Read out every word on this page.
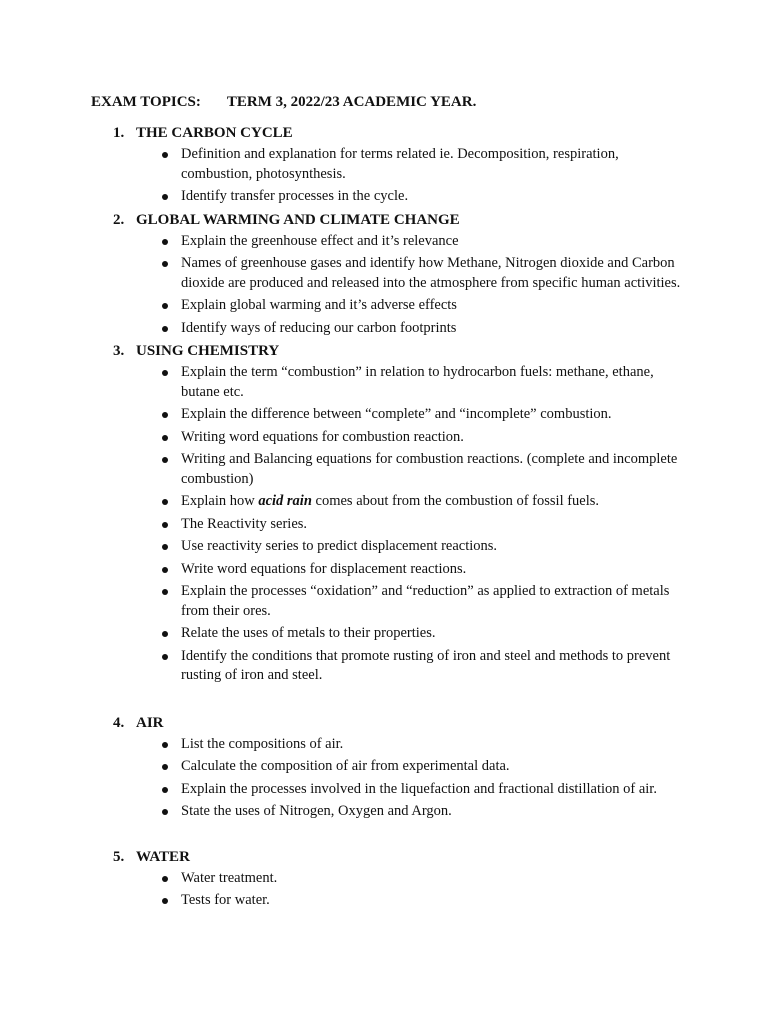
EXAM TOPICS: TERM 3, 2022/23 ACADEMIC YEAR.
1. THE CARBON CYCLE
Definition and explanation for terms related ie. Decomposition, respiration, combustion, photosynthesis.
Identify transfer processes in the cycle.
2. GLOBAL WARMING AND CLIMATE CHANGE
Explain the greenhouse effect and it’s relevance
Names of greenhouse gases and identify how Methane, Nitrogen dioxide and Carbon dioxide are produced and released into the atmosphere from specific human activities.
Explain global warming and it’s adverse effects
Identify ways of reducing our carbon footprints
3. USING CHEMISTRY
Explain the term “combustion” in relation to hydrocarbon fuels: methane, ethane, butane etc.
Explain the difference between “complete” and “incomplete” combustion.
Writing word equations for combustion reaction.
Writing and Balancing equations for combustion reactions. (complete and incomplete combustion)
Explain how acid rain comes about from the combustion of fossil fuels.
The Reactivity series.
Use reactivity series to predict displacement reactions.
Write word equations for displacement reactions.
Explain the processes “oxidation” and “reduction” as applied to extraction of metals from their ores.
Relate the uses of metals to their properties.
Identify the conditions that promote rusting of iron and steel and methods to prevent rusting of iron and steel.
4. AIR
List the compositions of air.
Calculate the composition of air from experimental data.
Explain the processes involved in the liquefaction and fractional distillation of air.
State the uses of Nitrogen, Oxygen and Argon.
5. WATER
Water treatment.
Tests for water.
